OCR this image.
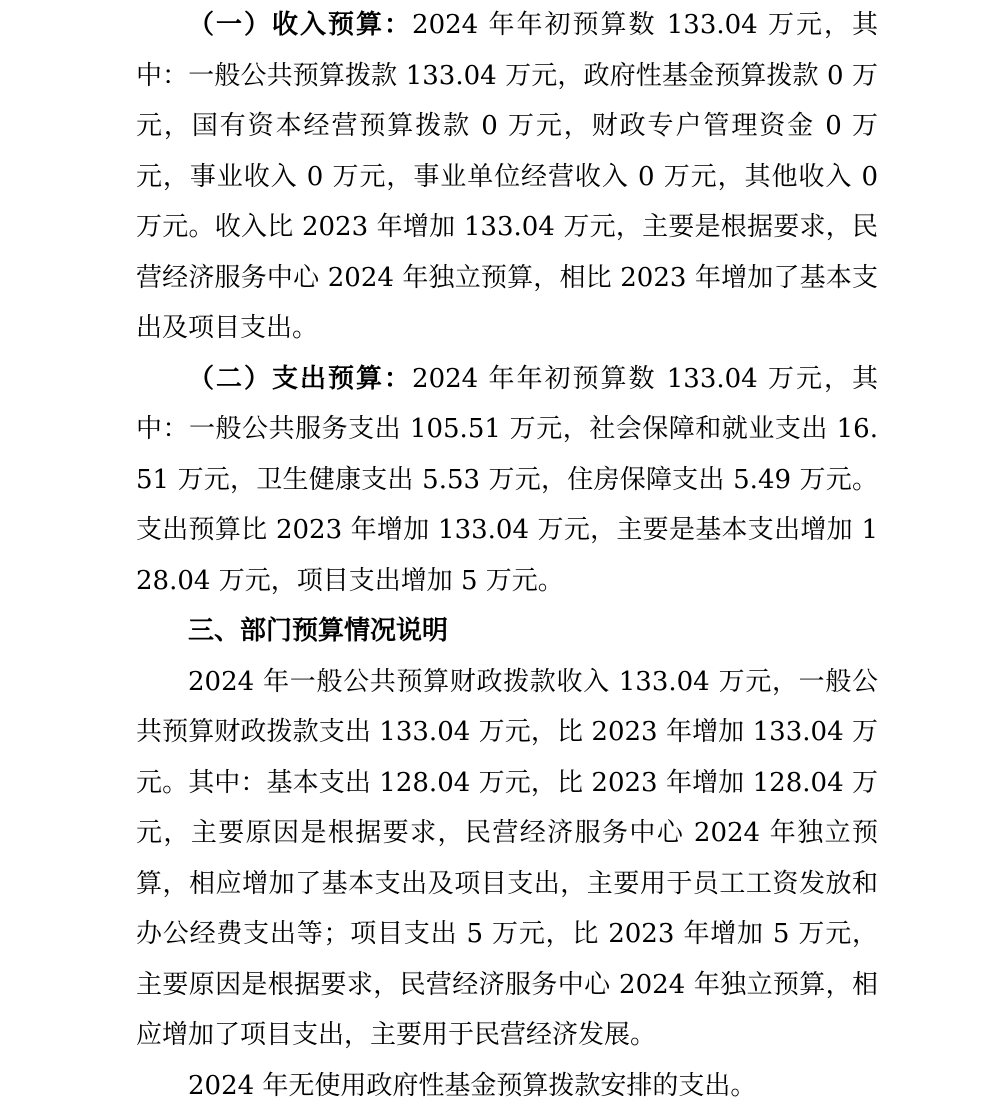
（一）收入预算：2024 年年初预算数 133.04 万元，其中：一般公共预算拨款 133.04 万元，政府性基金预算拨款 0 万元，国有资本经营预算拨款 0 万元，财政专户管理资金 0 万元，事业收入 0 万元，事业单位经营收入 0 万元，其他收入 0 万元。收入比 2023 年增加 133.04 万元，主要是根据要求，民营经济服务中心 2024 年独立预算，相比 2023 年增加了基本支出及项目支出。

（二）支出预算：2024 年年初预算数 133.04 万元，其中：一般公共服务支出 105.51 万元，社会保障和就业支出 16.51 万元，卫生健康支出 5.53 万元，住房保障支出 5.49 万元。支出预算比 2023 年增加 133.04 万元，主要是基本支出增加 128.04 万元，项目支出增加 5 万元。

三、部门预算情况说明

2024 年一般公共预算财政拨款收入 133.04 万元，一般公共预算财政拨款支出 133.04 万元，比 2023 年增加 133.04 万元。其中：基本支出 128.04 万元，比 2023 年增加 128.04 万元，主要原因是根据要求，民营经济服务中心 2024 年独立预算，相应增加了基本支出及项目支出，主要用于员工工资发放和办公经费支出等；项目支出 5 万元，比 2023 年增加 5 万元，主要原因是根据要求，民营经济服务中心 2024 年独立预算，相应增加了项目支出，主要用于民营经济发展。

2024 年无使用政府性基金预算拨款安排的支出。
